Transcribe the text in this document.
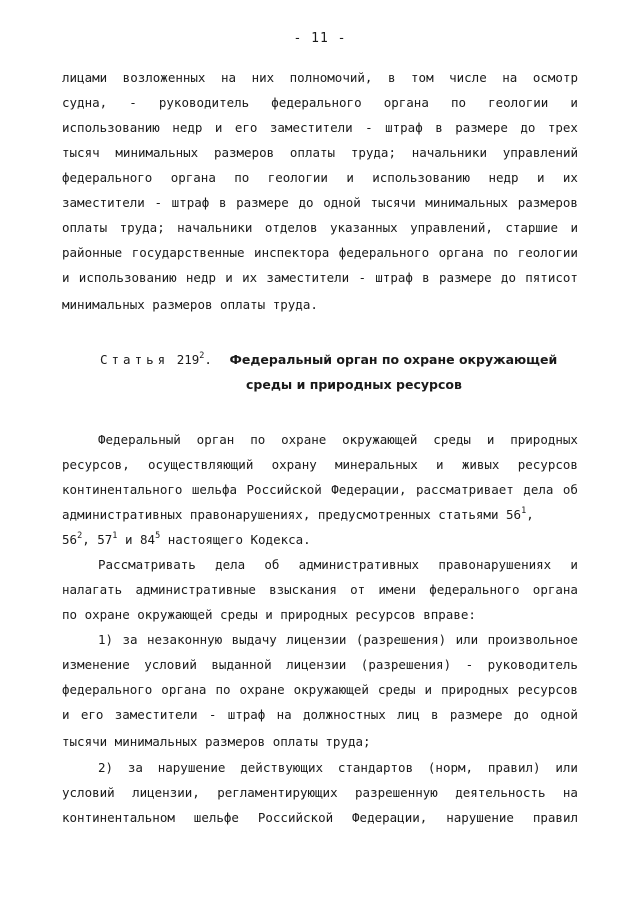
- 11 -
лицами возложенных на них полномочий, в том числе на осмотр
судна, - руководитель федерального органа по геологии и
использованию недр и его заместители - штраф в размере до трех
тысяч минимальных размеров оплаты труда; начальники управлений
федерального органа по геологии и использованию недр и их
заместители - штраф в размере до одной тысячи минимальных размеров
оплаты труда; начальники отделов указанных управлений, старшие и
районные государственные инспектора федерального органа по геологии
и использованию недр и их заместители - штраф в размере до пятисот
минимальных размеров оплаты труда.
Статья $219^2$. Федеральный орган по охране окружающей
среды и природных ресурсов
Федеральный орган по охране окружающей среды и природных
ресурсов, осуществляющий охрану минеральных и живых ресурсов
континентального шельфа Российской Федерации, рассматривает дела об
административных правонарушениях, предусмотренных статьями $56^1$,
$56^2$, $57^1$ и $84^5$ настоящего Кодекса.
Рассматривать дела об административных правонарушениях и
налагать административные взыскания от имени федерального органа
по охране окружающей среды и природных ресурсов вправе:
1) за незаконную выдачу лицензии (разрешения) или произвольное
изменение условий выданной лицензии (разрешения) - руководитель
федерального органа по охране окружающей среды и природных ресурсов
и его заместители - штраф на должностных лиц в размере до одной
тысячи минимальных размеров оплаты труда;
2) за нарушение действующих стандартов (норм, правил) или
условий лицензии, регламентирующих разрешенную деятельность на
континентальном шельфе Российской Федерации, нарушение правил
